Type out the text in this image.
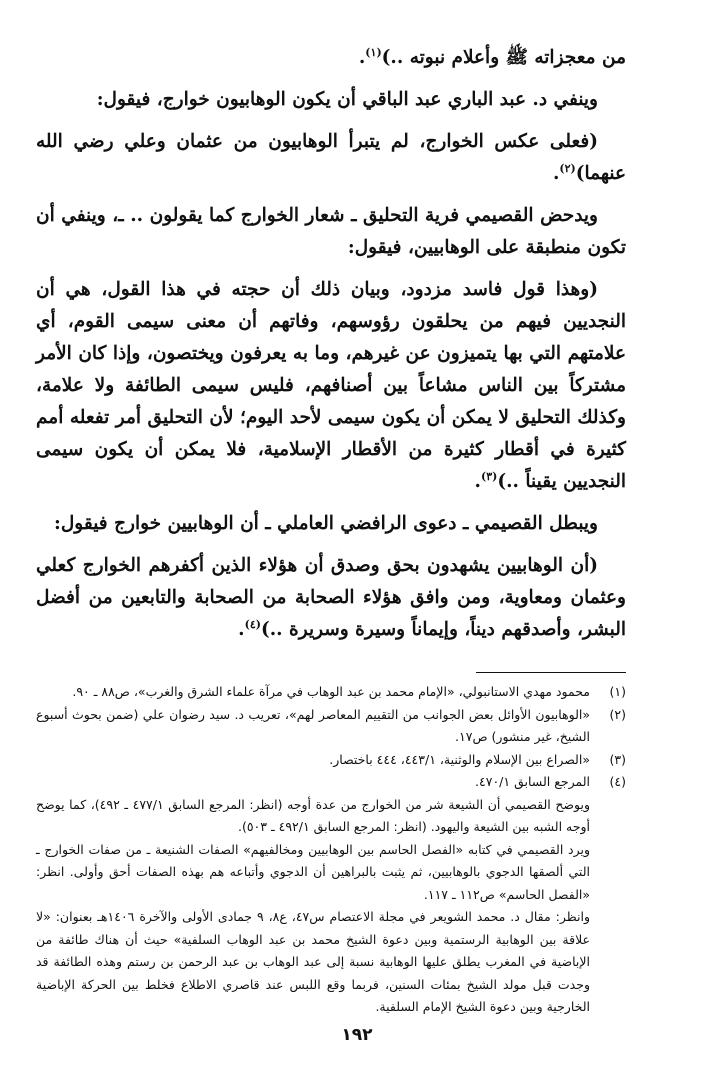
من معجزاته ﷺ وأعلام نبوته ..)$^{(١)}$.

وينفي د. عبد الباري عبد الباقي أن يكون الوهابيون خوارج، فيقول:

(فعلى عكس الخوارج، لم يتبرأ الوهابيون من عثمان وعلي رضي الله عنهما)$^{(٢)}$.

ويدحض القصيمي فرية التحليق ـ شعار الخوارج كما يقولون .. ـ، وينفي أن تكون منطبقة على الوهابيين، فيقول:

(وهذا قول فاسد مزدود، وبيان ذلك أن حجته في هذا القول، هي أن النجديين فيهم من يحلقون رؤوسهم، وفاتهم أن معنى سيمى القوم، أي علامتهم التي بها يتميزون عن غيرهم، وما به يعرفون ويختصون، وإذا كان الأمر مشتركاً بين الناس مشاعاً بين أصنافهم، فليس سيمى الطائفة ولا علامة، وكذلك التحليق لا يمكن أن يكون سيمى لأحد اليوم؛ لأن التحليق أمر تفعله أمم كثيرة في أقطار كثيرة من الأقطار الإسلامية، فلا يمكن أن يكون سيمى النجديين يقيناً ..)$^{(٣)}$.

ويبطل القصيمي ـ دعوى الرافضي العاملي ـ أن الوهابيين خوارج فيقول:

(أن الوهابيين يشهدون بحق وصدق أن هؤلاء الذين أكفرهم الخوارج كعلي وعثمان ومعاوية، ومن وافق هؤلاء الصحابة من الصحابة والتابعين من أفضل البشر، وأصدقهم ديناً، وإيماناً وسيرة وسريرة ..)$^{(٤)}$.

(١)

محمود مهدي الاستانبولي، «الإمام محمد بن عبد الوهاب في مرآة علماء الشرق والغرب»، ص٨٨ ـ ٩٠.

(٢)

«الوهابيون الأوائل بعض الجوانب من التقييم المعاصر لهم»، تعريب د. سيد رضوان علي (ضمن بحوث أسبوع الشيخ، غير منشور) ص١٧.

(٣)

«الصراع بين الإسلام والوثنية، ٤٤٣/١، ٤٤٤ باختصار.

(٤)

المرجع السابق ٤٧٠/١.

ويوضح القصيمي أن الشيعة شر من الخوارج من عدة أوجه (انظر: المرجع السابق ٤٧٧/١ ـ ٤٩٢)، كما يوضح أوجه الشبه بين الشيعة واليهود. (انظر: المرجع السابق ٤٩٢/١ ـ ٥٠٣).

ويرد القصيمي في كتابه «الفصل الحاسم بين الوهابيين ومخالفيهم» الصفات الشنيعة ـ من صفات الخوارج ـ التي ألصقها الدجوي بالوهابيين، ثم يثبت بالبراهين أن الدجوي وأتباعه هم بهذه الصفات أحق وأولى. انظر: «الفصل الحاسم» ص١١٢ ـ ١١٧.

وانظر: مقال د. محمد الشويعر في مجلة الاعتصام س٤٧، ع٨، ٩ جمادى الأولى والآخرة ١٤٠٦هـ بعنوان: «لا علاقة بين الوهابية الرستمية وبين دعوة الشيخ محمد بن عبد الوهاب السلفية» حيث أن هناك طائفة من الإباضية في المغرب يطلق عليها الوهابية نسبة إلى عبد الوهاب بن عبد الرحمن بن رستم وهذه الطائفة قد وجدت قبل مولد الشيخ بمئات السنين، فربما وقع اللبس عند قاصري الاطلاع فخلط بين الحركة الإباضية الخارجية وبين دعوة الشيخ الإمام السلفية.

١٩٢
